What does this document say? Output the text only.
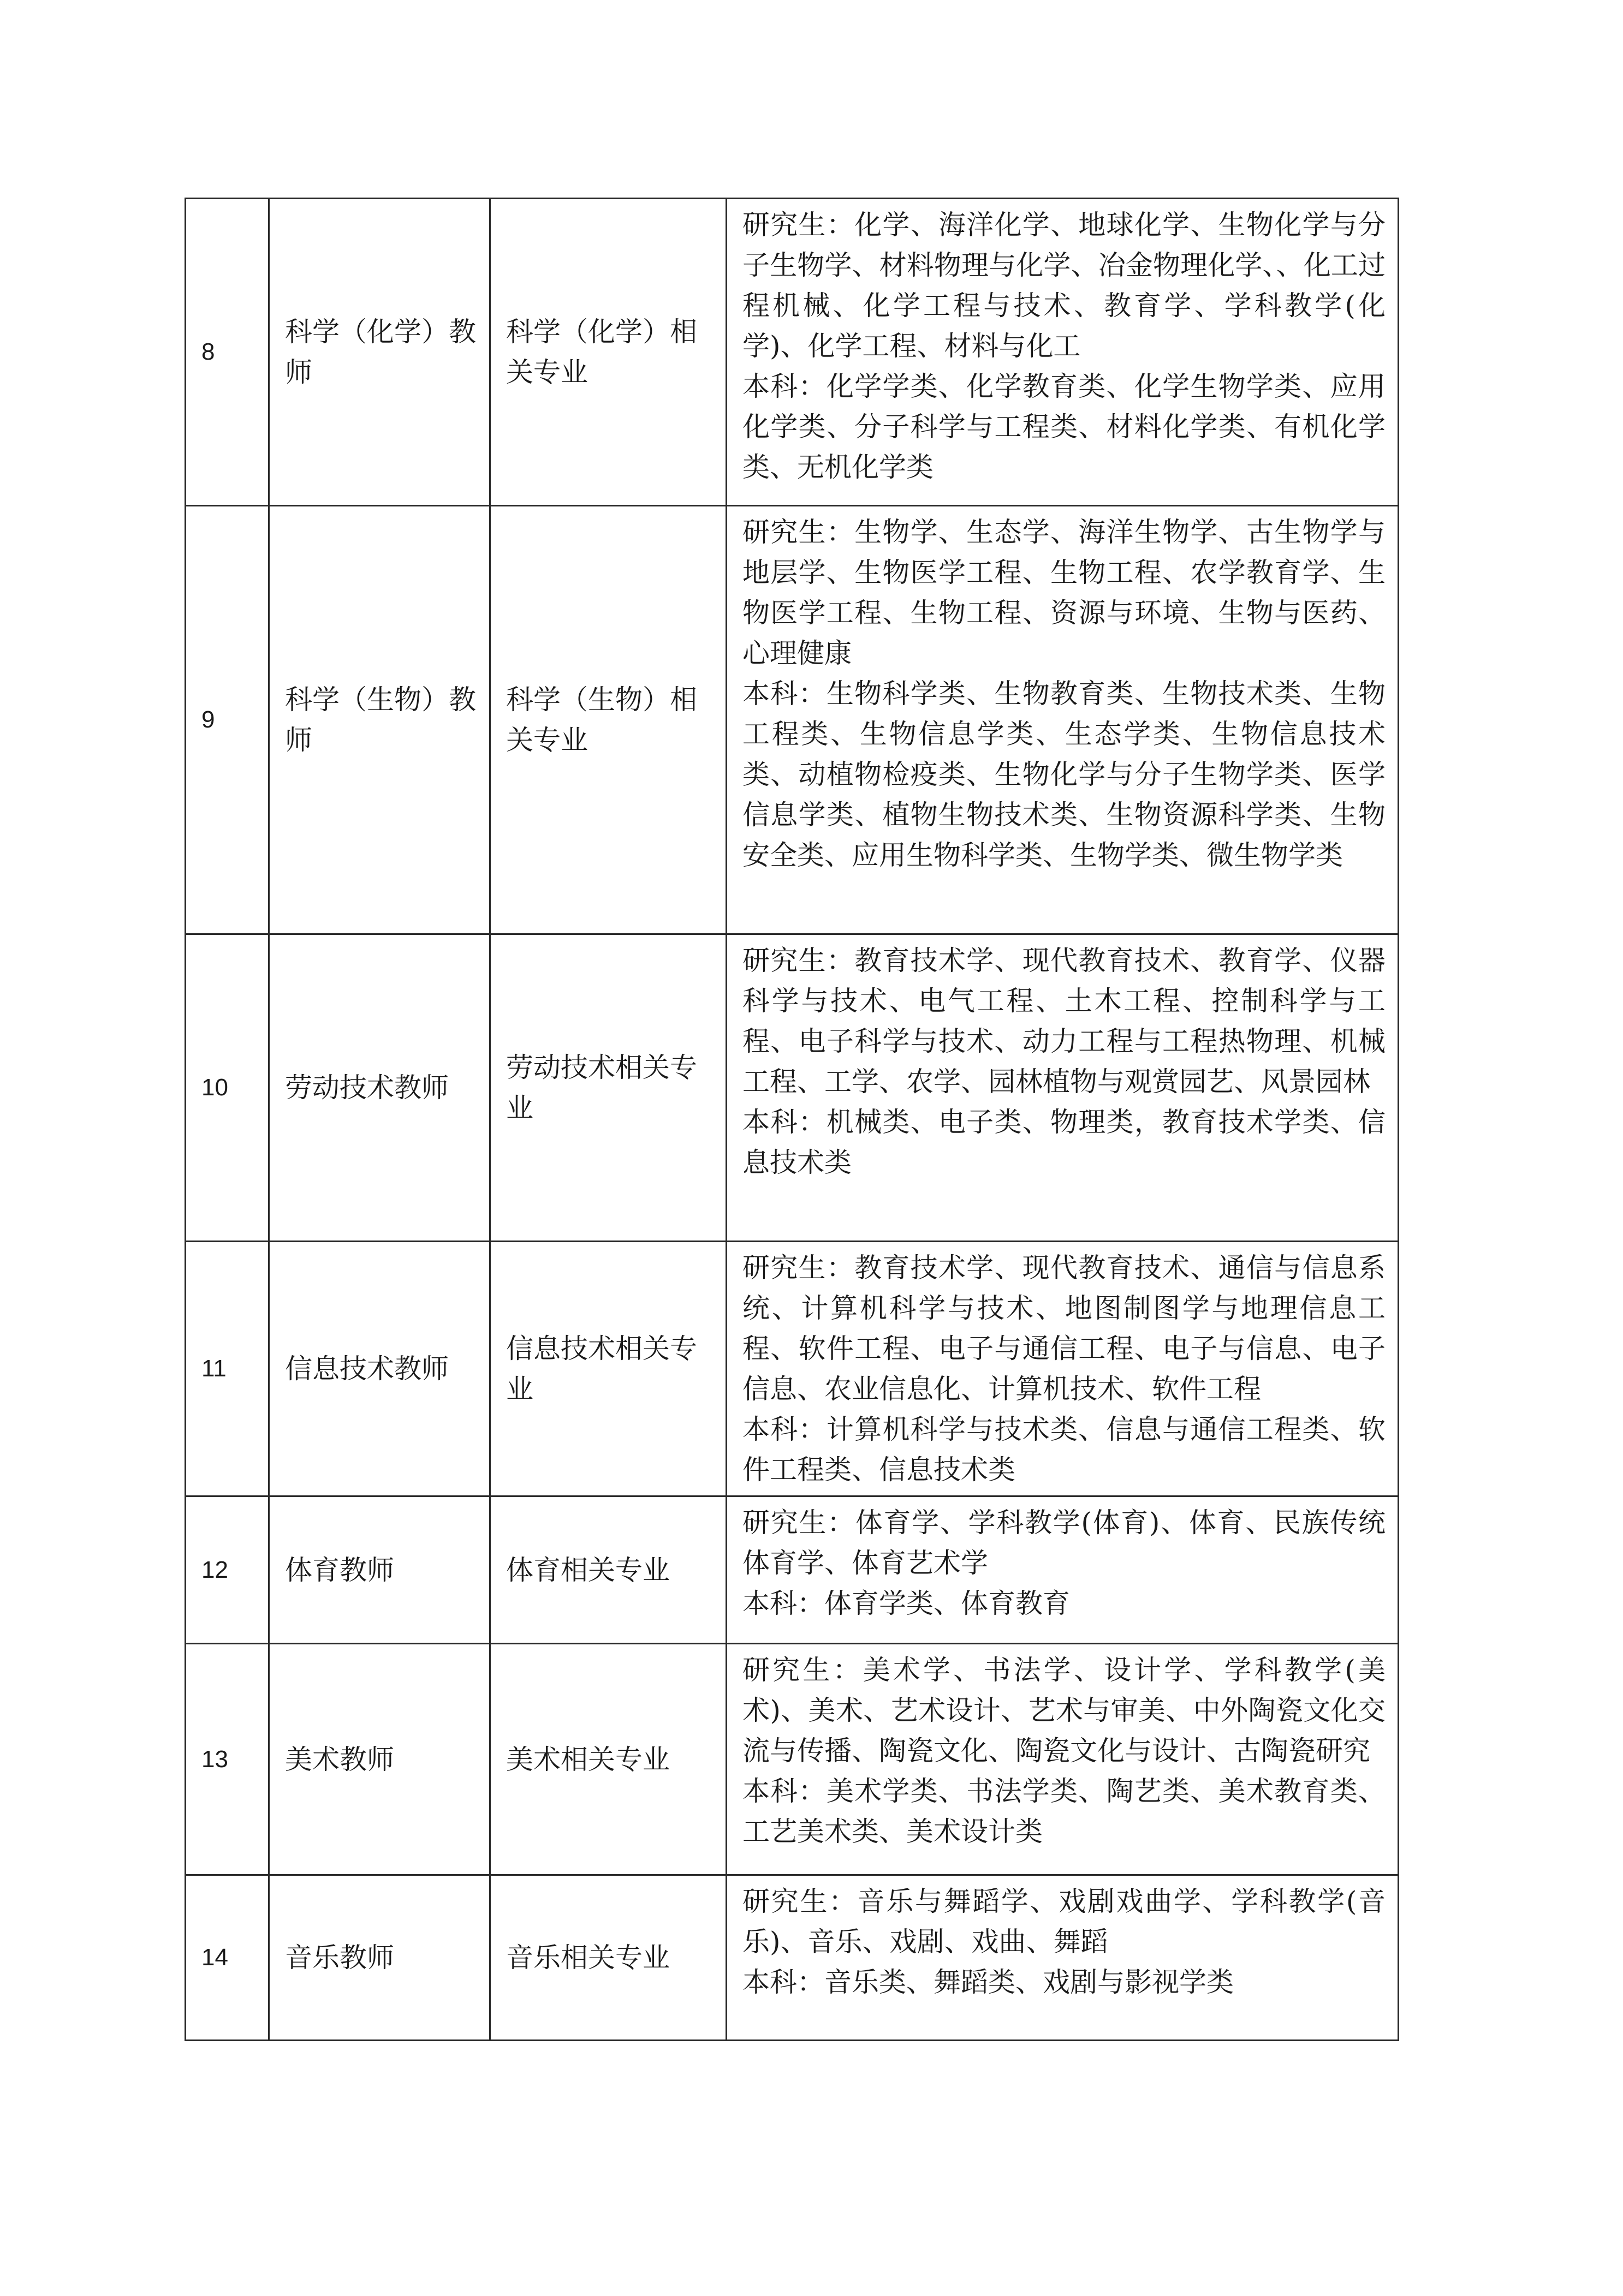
8	科学（化学）教师	科学（化学）相关专业	研究生：化学、海洋化学、地球化学、生物化学与分子生物学、材料物理与化学、冶金物理化学、、化工过程机械、化学工程与技术、教育学、学科教学(化学)、化学工程、材料与化工

本科：化学学类、化学教育类、化学生物学类、应用化学类、分子科学与工程类、材料化学类、有机化学类、无机化学类

9	科学（生物）教师	科学（生物）相关专业	研究生：生物学、生态学、海洋生物学、古生物学与地层学、生物医学工程、生物工程、农学教育学、生物医学工程、生物工程、资源与环境、生物与医药、心理健康

本科：生物科学类、生物教育类、生物技术类、生物工程类、生物信息学类、生态学类、生物信息技术类、动植物检疫类、生物化学与分子生物学类、医学信息学类、植物生物技术类、生物资源科学类、生物安全类、应用生物科学类、生物学类、微生物学类

10	劳动技术教师	劳动技术相关专业	研究生：教育技术学、现代教育技术、教育学、仪器科学与技术、电气工程、土木工程、控制科学与工程、电子科学与技术、动力工程与工程热物理、机械工程、工学、农学、园林植物与观赏园艺、风景园林

本科：机械类、电子类、物理类，教育技术学类、信息技术类

11	信息技术教师	信息技术相关专业	研究生：教育技术学、现代教育技术、通信与信息系统、计算机科学与技术、地图制图学与地理信息工程、软件工程、电子与通信工程、电子与信息、电子信息、农业信息化、计算机技术、软件工程

本科：计算机科学与技术类、信息与通信工程类、软件工程类、信息技术类

12	体育教师	体育相关专业	研究生：体育学、学科教学(体育)、体育、民族传统体育学、体育艺术学

本科：体育学类、体育教育

13	美术教师	美术相关专业	研究生：美术学、书法学、设计学、学科教学(美术)、美术、艺术设计、艺术与审美、中外陶瓷文化交流与传播、陶瓷文化、陶瓷文化与设计、古陶瓷研究

本科：美术学类、书法学类、陶艺类、美术教育类、工艺美术类、美术设计类

14	音乐教师	音乐相关专业	研究生：音乐与舞蹈学、戏剧戏曲学、学科教学(音乐)、音乐、戏剧、戏曲、舞蹈

本科：音乐类、舞蹈类、戏剧与影视学类
